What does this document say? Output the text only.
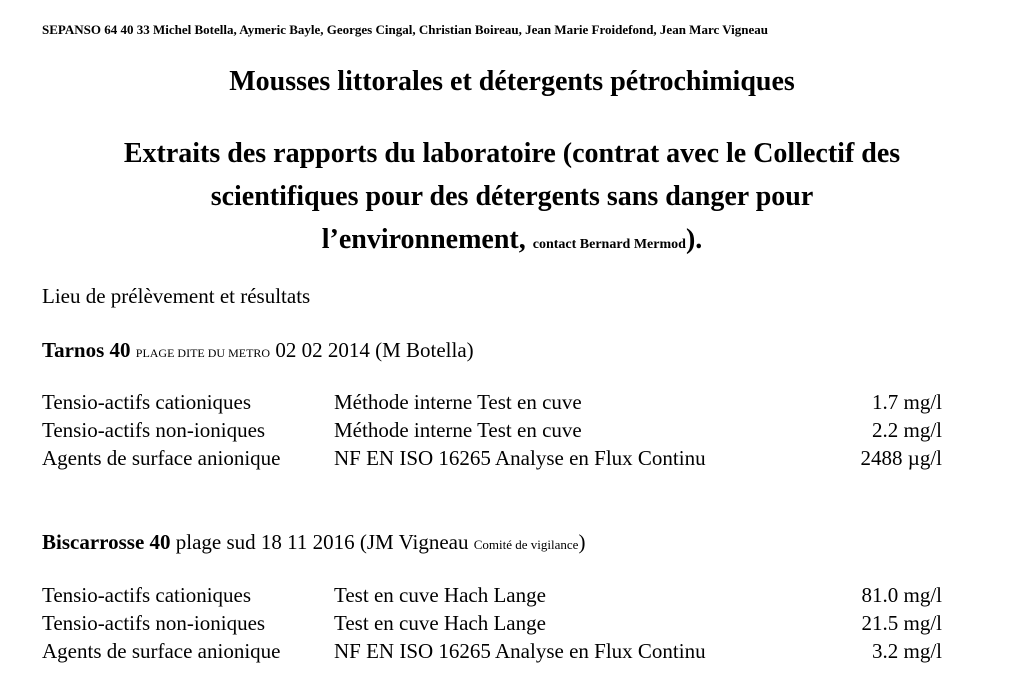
SEPANSO 64 40 33 Michel Botella, Aymeric Bayle, Georges Cingal, Christian Boireau, Jean Marie Froidefond, Jean Marc Vigneau
Mousses littorales et détergents pétrochimiques
Extraits des rapports du laboratoire (contrat avec le Collectif des
scientifiques pour des détergents sans danger pour
l’environnement, contact Bernard Mermod).
Lieu de prélèvement et résultats
Tarnos 40 PLAGE DITE DU METRO 02 02 2014 (M Botella)
Tensio-actifs cationiques	Méthode interne Test en cuve	1.7 mg/l
Tensio-actifs non-ioniques	Méthode interne Test en cuve	2.2 mg/l
Agents de surface anionique	NF EN ISO 16265 Analyse en Flux Continu	2488 µg/l
Biscarrosse 40 plage sud 18 11 2016 (JM Vigneau Comité de vigilance)
Tensio-actifs cationiques	Test en cuve Hach Lange	81.0 mg/l
Tensio-actifs non-ioniques	Test en cuve Hach Lange	21.5 mg/l
Agents de surface anionique	NF EN ISO 16265 Analyse en Flux Continu	3.2 mg/l
